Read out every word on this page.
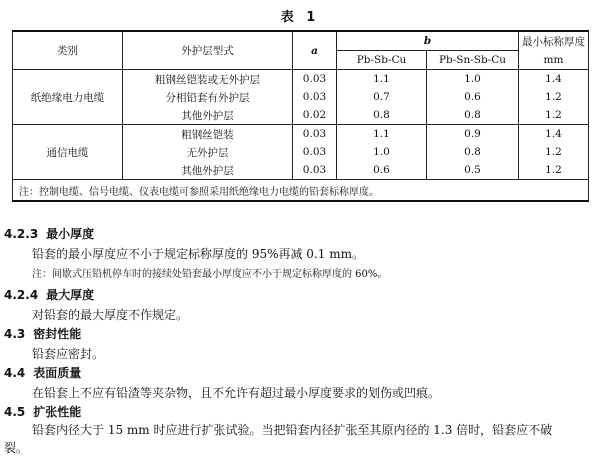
表 1
类别	外护层型式	a	b		最小标称厚度
			Pb-Sb-Cu	Pb-Sn-Sb-Cu	mm
纸绝缘电力电缆	粗钢丝铠装或无外护层	0.03	1.1	1.0	1.4
	分相铅套有外护层	0.03	0.7	0.6	1.2
	其他外护层	0.02	0.8	0.8	1.2
通信电缆	粗钢丝铠装	0.03	1.1	0.9	1.4
	无外护层	0.03	1.0	0.8	1.2
	其他外护层	0.03	0.6	0.5	1.2
注：控制电缆、信号电缆、仪表电缆可参照采用纸绝缘电力电缆的铅套标称厚度。					
4.2.3 最小厚度
铅套的最小厚度应不小于规定标称厚度的 95%再减 0.1 mm。
注：间歇式压铅机停车时的接续处铅套最小厚度应不小于规定标称厚度的 60%。
4.2.4 最大厚度
对铅套的最大厚度不作规定。
4.3 密封性能
铅套应密封。
4.4 表面质量
在铅套上不应有铅渣等夹杂物，且不允许有超过最小厚度要求的划伤或凹痕。
4.5 扩张性能
铅套内径大于 15 mm 时应进行扩张试验。当把铅套内径扩张至其原内径的 1.3 倍时，铅套应不破
裂。
